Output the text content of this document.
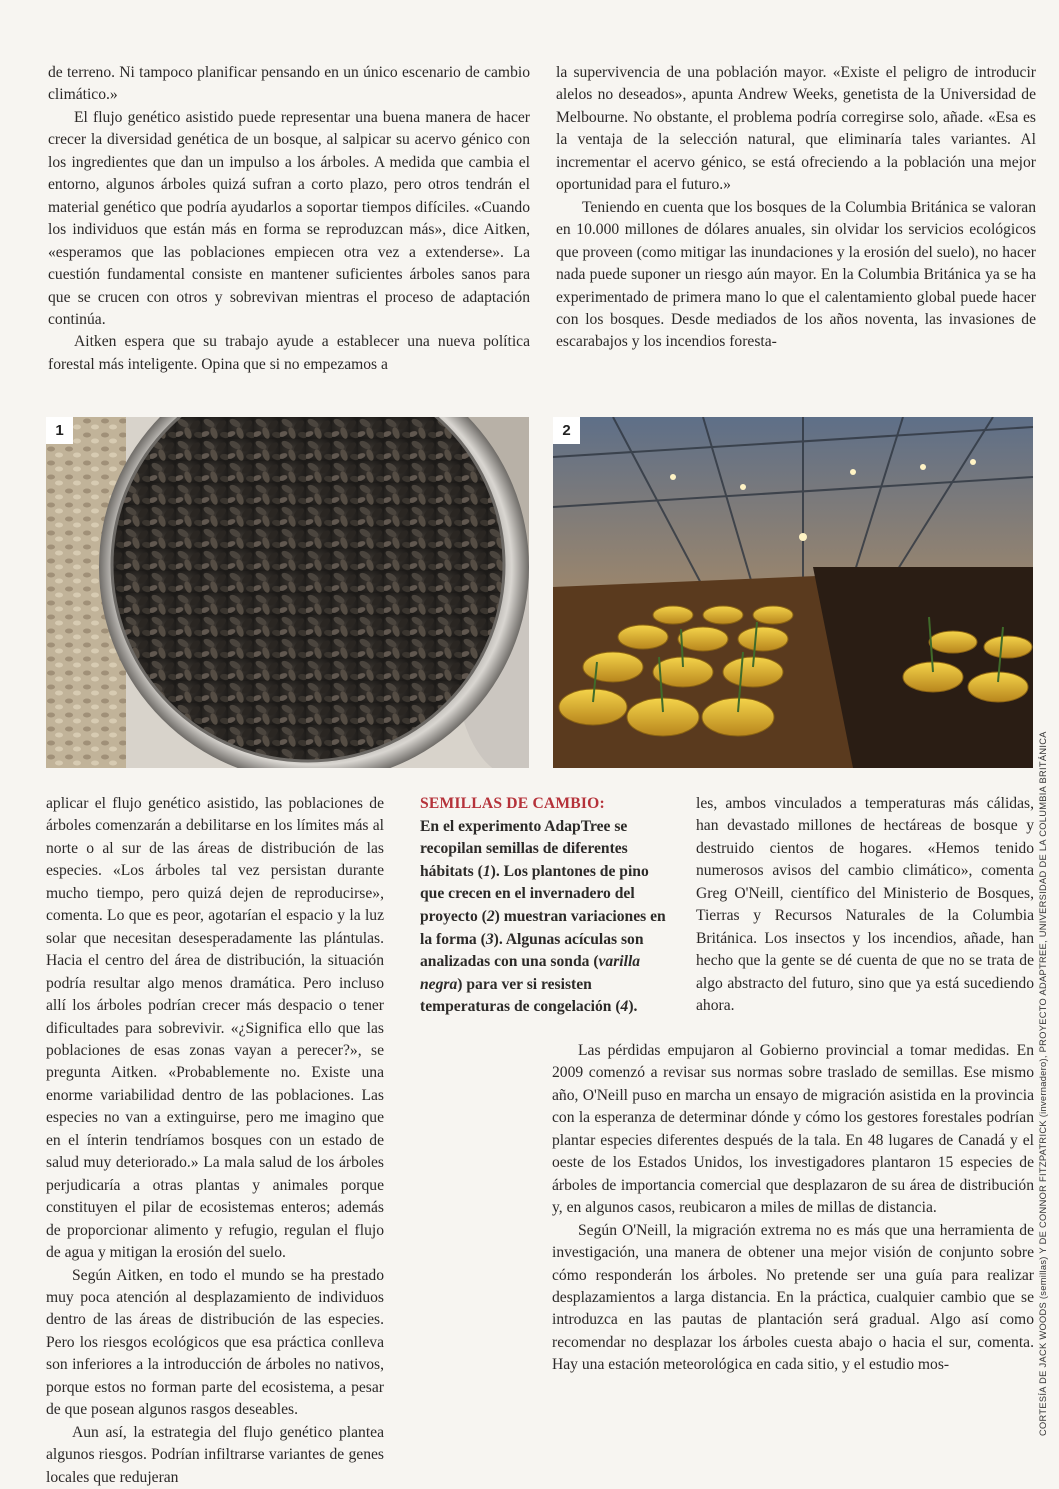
de terreno. Ni tampoco planificar pensando en un único escenario de cambio climático.»

El flujo genético asistido puede representar una buena manera de hacer crecer la diversidad genética de un bosque, al salpicar su acervo génico con los ingredientes que dan un impulso a los árboles. A medida que cambia el entorno, algunos árboles quizá sufran a corto plazo, pero otros tendrán el material genético que podría ayudarlos a soportar tiempos difíciles. «Cuando los individuos que están más en forma se reproduzcan más», dice Aitken, «esperamos que las poblaciones empiecen otra vez a extenderse». La cuestión fundamental consiste en mantener suficientes árboles sanos para que se crucen con otros y sobrevivan mientras el proceso de adaptación continúa.

Aitken espera que su trabajo ayude a establecer una nueva política forestal más inteligente. Opina que si no empezamos a

la supervivencia de una población mayor. «Existe el peligro de introducir alelos no deseados», apunta Andrew Weeks, genetista de la Universidad de Melbourne. No obstante, el problema podría corregirse solo, añade. «Esa es la ventaja de la selección natural, que eliminaría tales variantes. Al incrementar el acervo génico, se está ofreciendo a la población una mejor oportunidad para el futuro.»

Teniendo en cuenta que los bosques de la Columbia Británica se valoran en 10.000 millones de dólares anuales, sin olvidar los servicios ecológicos que proveen (como mitigar las inundaciones y la erosión del suelo), no hacer nada puede suponer un riesgo aún mayor. En la Columbia Británica ya se ha experimentado de primera mano lo que el calentamiento global puede hacer con los bosques. Desde mediados de los años noventa, las invasiones de escarabajos y los incendios foresta-

1	2

aplicar el flujo genético asistido, las poblaciones de árboles comenzarán a debilitarse en los límites más al norte o al sur de las áreas de distribución de las especies. «Los árboles tal vez persistan durante mucho tiempo, pero quizá dejen de reproducirse», comenta. Lo que es peor, agotarían el espacio y la luz solar que necesitan desesperadamente las plántulas. Hacia el centro del área de distribución, la situación podría resultar algo menos dramática. Pero incluso allí los árboles podrían crecer más despacio o tener dificultades para sobrevivir. «¿Significa ello que las poblaciones de esas zonas vayan a perecer?», se pregunta Aitken. «Probablemente no. Existe una enorme variabilidad dentro de las poblaciones. Las especies no van a extinguirse, pero me imagino que en el ínterin tendríamos bosques con un estado de salud muy deteriorado.» La mala salud de los árboles perjudicaría a otras plantas y animales porque constituyen el pilar de ecosistemas enteros; además de proporcionar alimento y refugio, regulan el flujo de agua y mitigan la erosión del suelo.

Según Aitken, en todo el mundo se ha prestado muy poca atención al desplazamiento de individuos dentro de las áreas de distribución de las especies. Pero los riesgos ecológicos que esa práctica conlleva son inferiores a la introducción de árboles no nativos, porque estos no forman parte del ecosistema, a pesar de que posean algunos rasgos deseables.

Aun así, la estrategia del flujo genético plantea algunos riesgos. Podrían infiltrarse variantes de genes locales que redujeran

SEMILLAS DE CAMBIO:
En el experimento AdapTree se recopilan semillas de diferentes hábitats (1). Los plantones de pino que crecen en el invernadero del proyecto (2) muestran variaciones en la forma (3). Algunas acículas son analizadas con una sonda (varilla negra) para ver si resisten temperaturas de congelación (4).

les, ambos vinculados a temperaturas más cálidas, han devastado millones de hectáreas de bosque y destruido cientos de hogares. «Hemos tenido numerosos avisos del cambio climático», comenta Greg O'Neill, científico del Ministerio de Bosques, Tierras y Recursos Naturales de la Columbia Británica. Los insectos y los incendios, añade, han hecho que la gente se dé cuenta de que no se trata de algo abstracto del futuro, sino que ya está sucediendo ahora.

Las pérdidas empujaron al Gobierno provincial a tomar medidas. En 2009 comenzó a revisar sus normas sobre traslado de semillas. Ese mismo año, O'Neill puso en marcha un ensayo de migración asistida en la provincia con la esperanza de determinar dónde y cómo los gestores forestales podrían plantar especies diferentes después de la tala. En 48 lugares de Canadá y el oeste de los Estados Unidos, los investigadores plantaron 15 especies de árboles de importancia comercial que desplazaron de su área de distribución y, en algunos casos, reubicaron a miles de millas de distancia.

Según O'Neill, la migración extrema no es más que una herramienta de investigación, una manera de obtener una mejor visión de conjunto sobre cómo responderán los árboles. No pretende ser una guía para realizar desplazamientos a larga distancia. En la práctica, cualquier cambio que se introduzca en las pautas de plantación será gradual. Algo así como recomendar no desplazar los árboles cuesta abajo o hacia el sur, comenta. Hay una estación meteorológica en cada sitio, y el estudio mos-	CORTESÍA DE JACK WOODS (semillas) Y DE CONNOR FITZPATRICK (invernadero), PROYECTO ADAPTREE, UNIVERSIDAD DE LA COLUMBIA BRITÁNICA
